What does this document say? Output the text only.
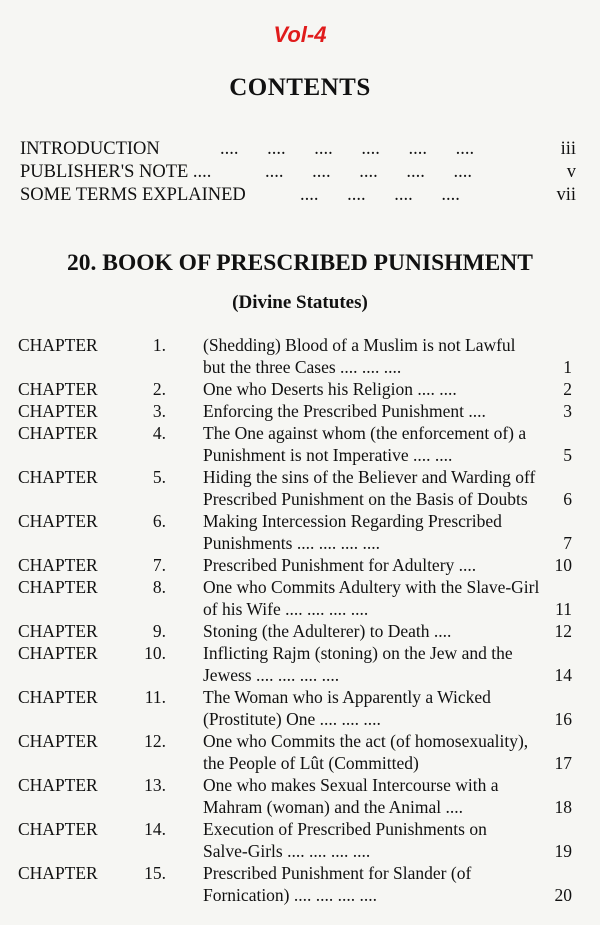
Vol-4
CONTENTS
INTRODUCTION	.... .... .... .... .... ....	iii
PUBLISHER'S NOTE ....	.... .... .... .... ....	v
SOME TERMS EXPLAINED	.... .... .... ....	vii
20. BOOK OF PRESCRIBED PUNISHMENT
(Divine Statutes)
CHAPTER	1. (Shedding) Blood of a Muslim is not Lawful
but the three Cases .... .... ....	1
CHAPTER	2. One who Deserts his Religion .... ....	2
CHAPTER	3. Enforcing the Prescribed Punishment ....	3
CHAPTER	4. The One against whom (the enforcement of) a
Punishment is not Imperative .... ....	5
CHAPTER	5. Hiding the sins of the Believer and Warding off
Prescribed Punishment on the Basis of Doubts	6
CHAPTER	6. Making Intercession Regarding Prescribed
Punishments .... .... .... ....	7
CHAPTER	7. Prescribed Punishment for Adultery ....	10
CHAPTER	8. One who Commits Adultery with the Slave-Girl
of his Wife .... .... .... ....	11
CHAPTER	9. Stoning (the Adulterer) to Death ....	12
CHAPTER	10. Inflicting Rajm (stoning) on the Jew and the
Jewess .... .... .... ....	14
CHAPTER	11. The Woman who is Apparently a Wicked
(Prostitute) One .... .... ....	16
CHAPTER	12. One who Commits the act (of homosexuality),
the People of Lût (Committed)	17
CHAPTER	13. One who makes Sexual Intercourse with a
Mahram (woman) and the Animal ....	18
CHAPTER	14. Execution of Prescribed Punishments on
Salve-Girls .... .... .... ....	19
CHAPTER	15. Prescribed Punishment for Slander (of
Fornication) .... .... .... ....	20
